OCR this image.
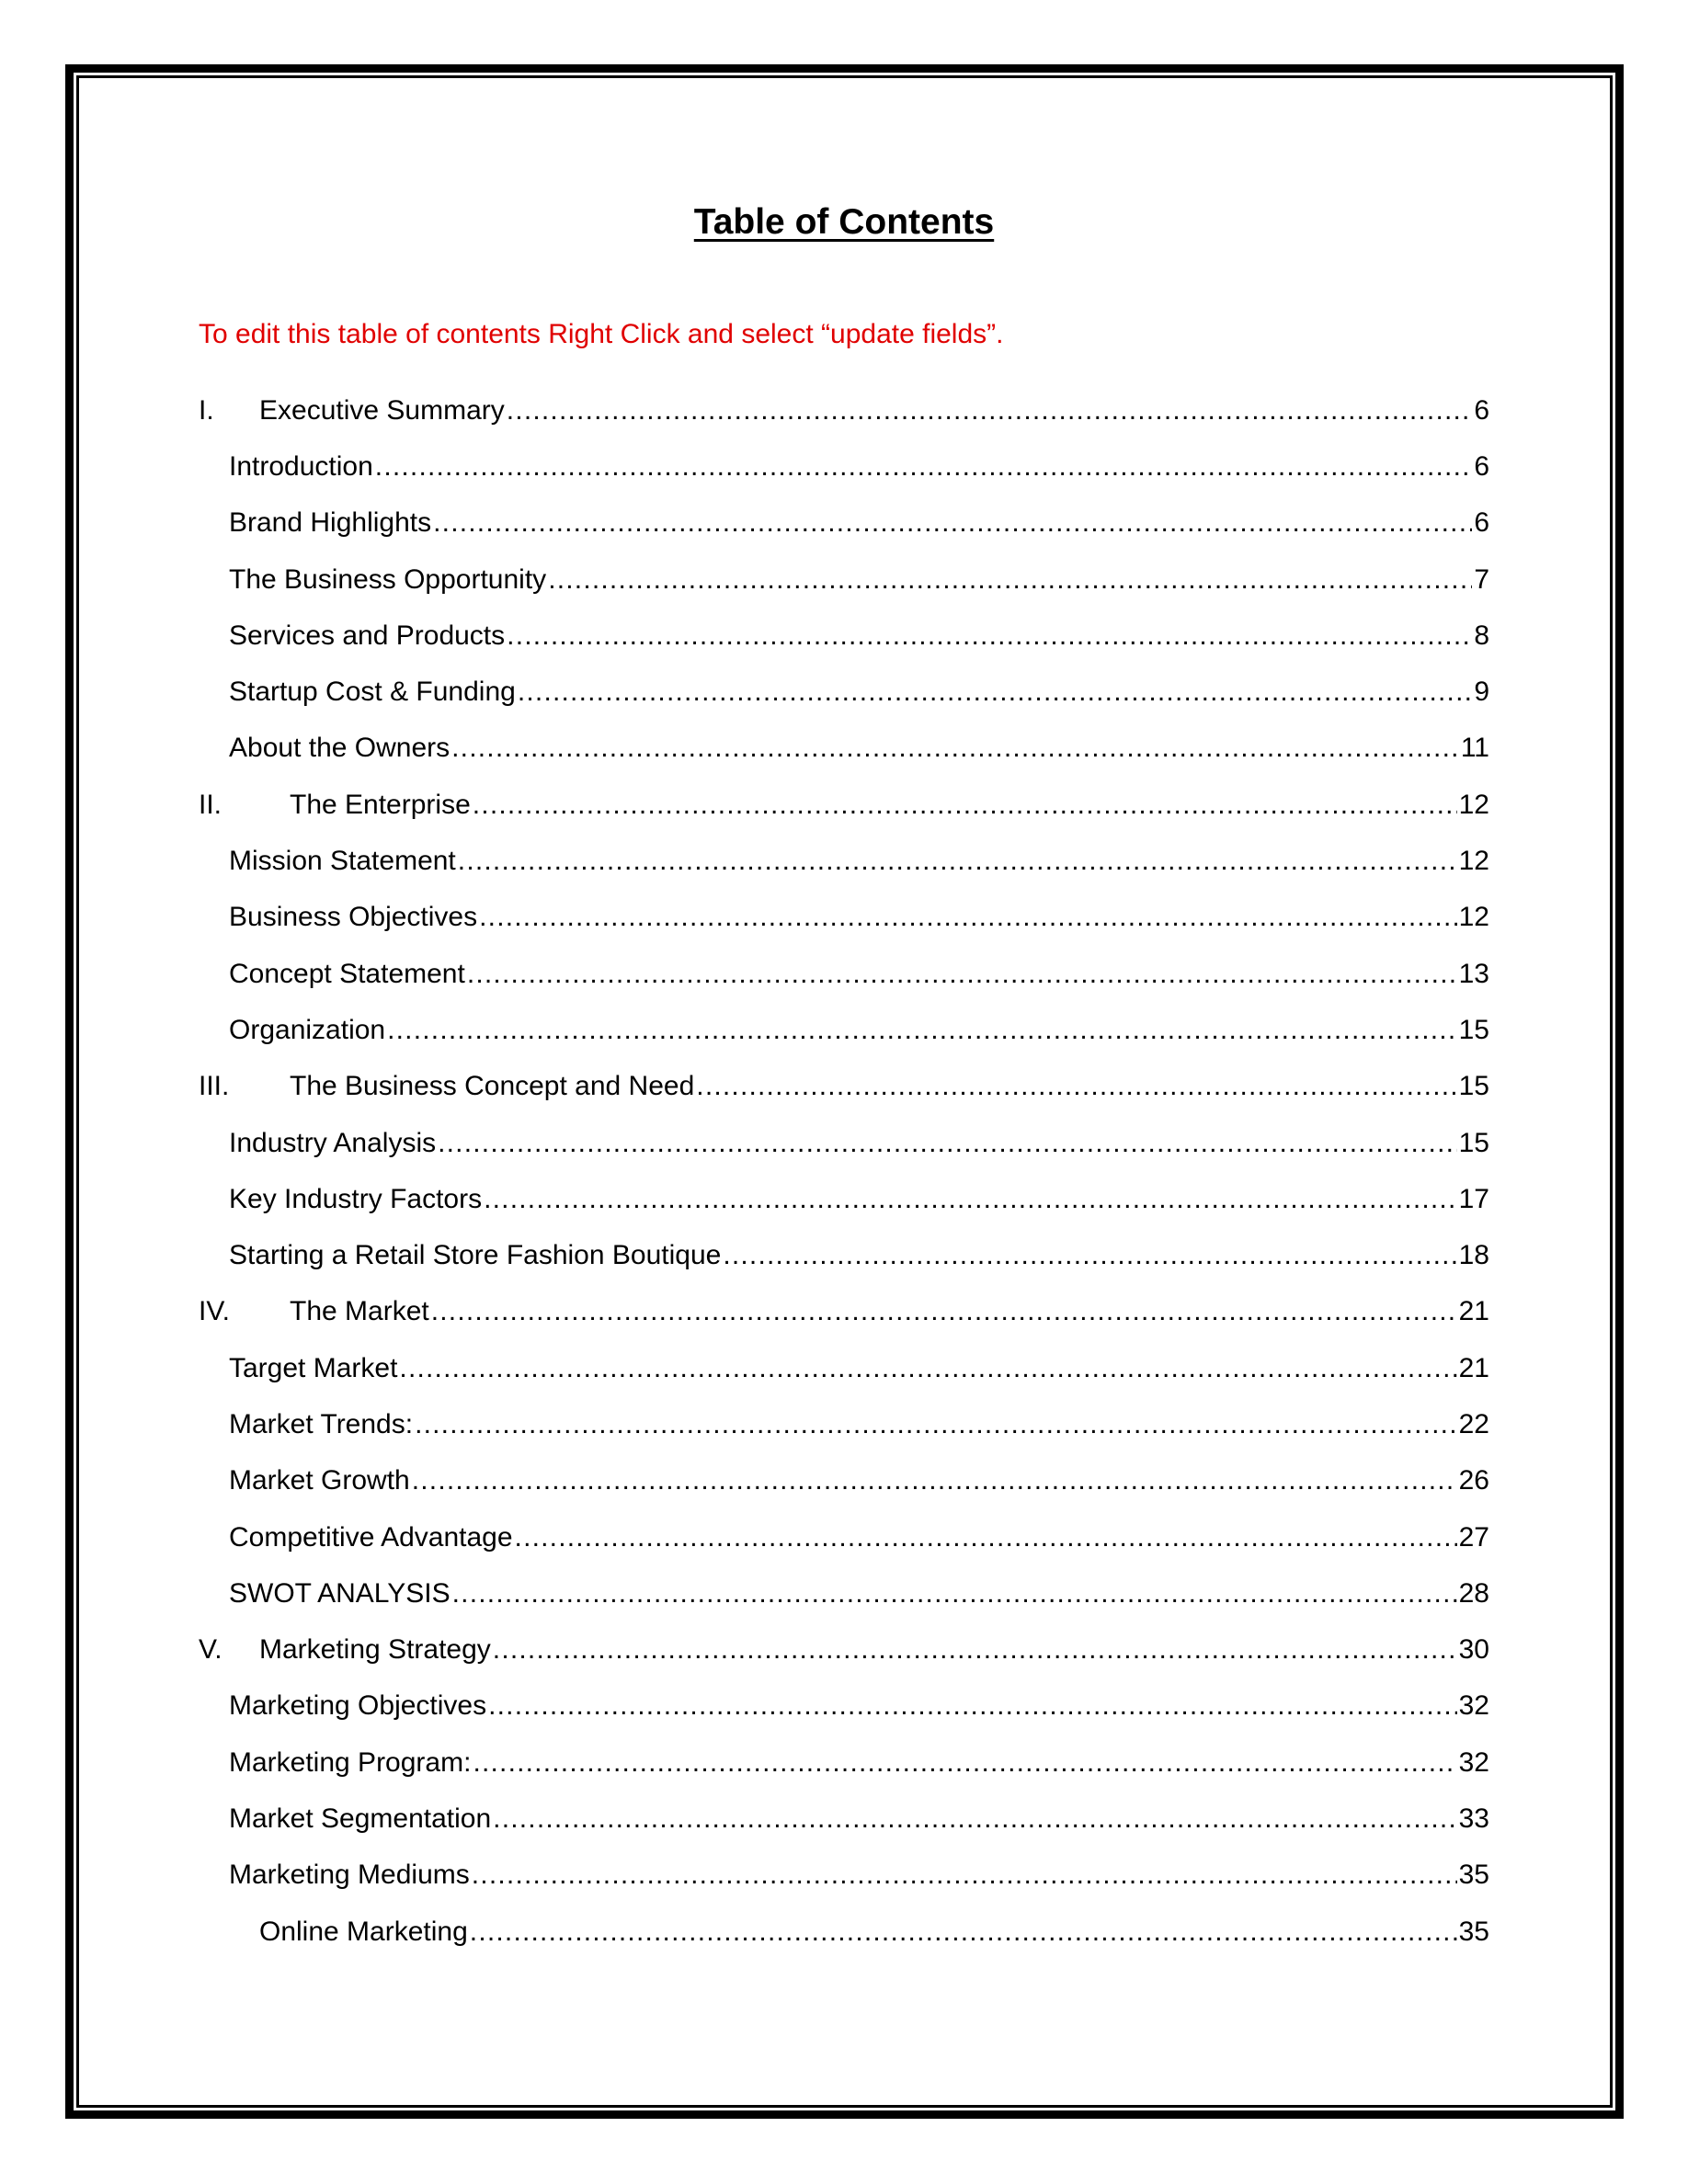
Table of Contents
To edit this table of contents Right Click and select “update fields”.
I.	Executive Summary .....	6
Introduction .....	6
Brand Highlights .....	6
The Business Opportunity .....	7
Services and Products .....	8
Startup Cost & Funding .....	9
About the Owners .....	11
II.	The Enterprise .....	12
Mission Statement .....	12
Business Objectives .....	12
Concept Statement .....	13
Organization .....	15
III.	The Business Concept and Need .....	15
Industry Analysis .....	15
Key Industry Factors .....	17
Starting a Retail Store Fashion Boutique .....	18
IV.	The Market .....	21
Target Market .....	21
Market Trends: .....	22
Market Growth .....	26
Competitive Advantage .....	27
SWOT ANALYSIS .....	28
V.	Marketing Strategy .....	30
Marketing Objectives .....	32
Marketing Program: .....	32
Market Segmentation .....	33
Marketing Mediums .....	35
Online Marketing .....	35
